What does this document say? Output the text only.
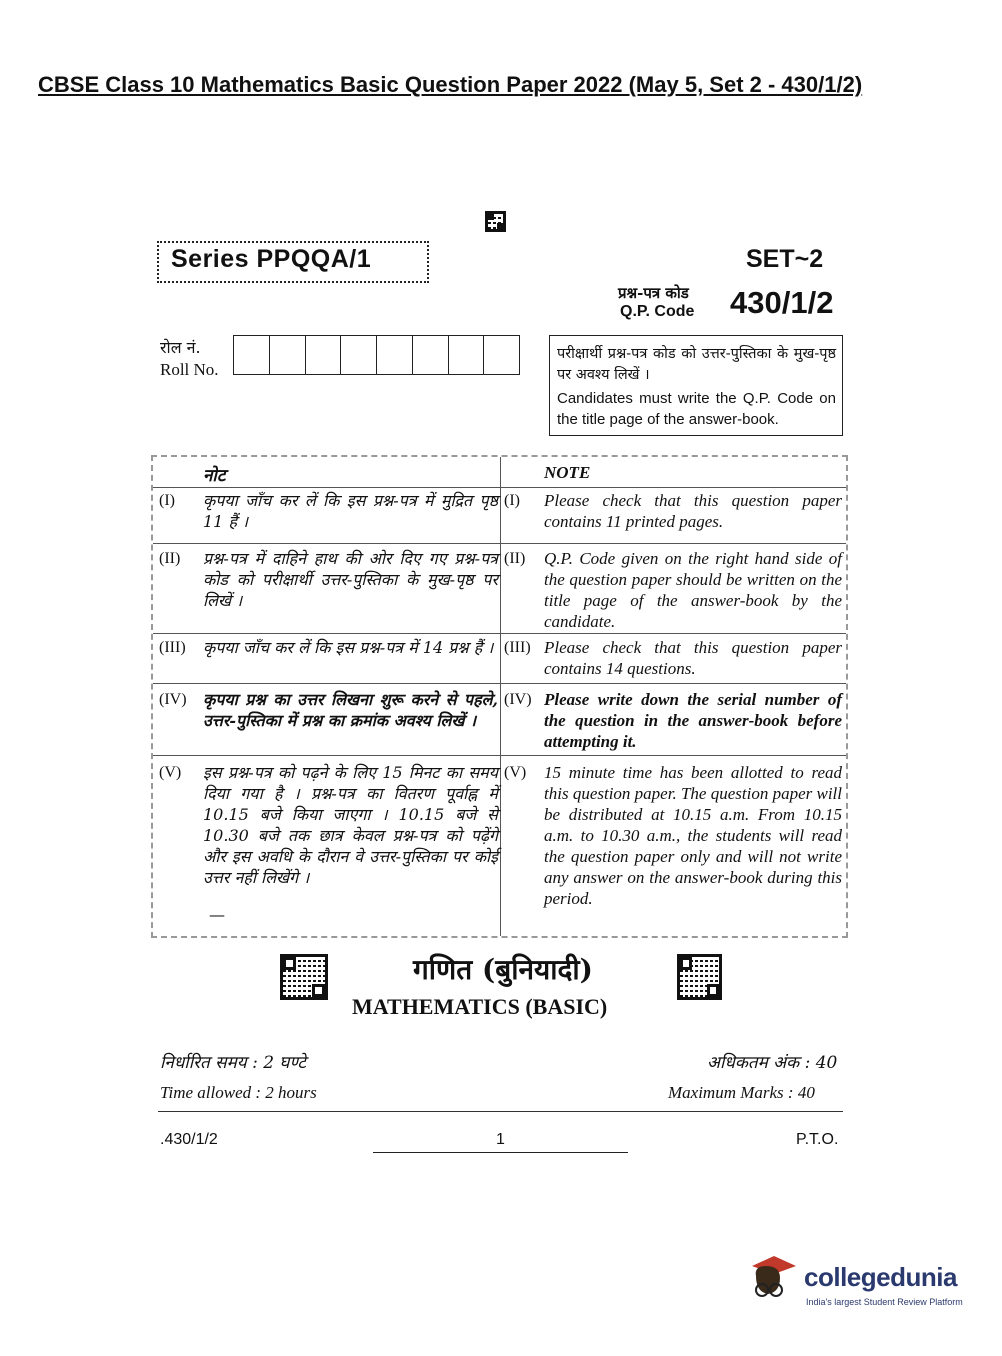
CBSE Class 10 Mathematics Basic Question Paper 2022 (May 5, Set 2 - 430/1/2)
Series PPQQA/1	SET~2
प्रश्न-पत्र कोड
Q.P. Code 430/1/2
रोल नं.
Roll No.
परीक्षार्थी प्रश्न-पत्र कोड को उत्तर-पुस्तिका के मुख-पृष्ठ पर अवश्य लिखें ।
Candidates must write the Q.P. Code on the title page of the answer-book.
नोट	NOTE
(I) कृपया जाँच कर लें कि इस प्रश्न-पत्र में मुद्रित पृष्ठ 11 हैं ।
(I) Please check that this question paper contains 11 printed pages.
(II) प्रश्न-पत्र में दाहिने हाथ की ओर दिए गए प्रश्न-पत्र कोड को परीक्षार्थी उत्तर-पुस्तिका के मुख-पृष्ठ पर लिखें ।
(II) Q.P. Code given on the right hand side of the question paper should be written on the title page of the answer-book by the candidate.
(III) कृपया जाँच कर लें कि इस प्रश्न-पत्र में 14 प्रश्न हैं । (III) Please check that this question paper contains 14 questions.
(IV) कृपया प्रश्न का उत्तर लिखना शुरू करने से पहले, उत्तर-पुस्तिका में प्रश्न का क्रमांक अवश्य लिखें ।
(IV) Please write down the serial number of the question in the answer-book before attempting it.
(V) इस प्रश्न-पत्र को पढ़ने के लिए 15 मिनट का समय दिया गया है । प्रश्न-पत्र का वितरण पूर्वाह्न में 10.15 बजे किया जाएगा । 10.15 बजे से 10.30 बजे तक छात्र केवल प्रश्न-पत्र को पढ़ेंगे और इस अवधि के दौरान वे उत्तर-पुस्तिका पर कोई उत्तर नहीं लिखेंगे ।
(V) 15 minute time has been allotted to read this question paper. The question paper will be distributed at 10.15 a.m. From 10.15 a.m. to 10.30 a.m., the students will read the question paper only and will not write any answer on the answer-book during this period.
—
गणित (बुनियादी)
MATHEMATICS (BASIC)
निर्धारित समय : 2 घण्टे	अधिकतम अंक : 40
Time allowed : 2 hours	Maximum Marks : 40
.430/1/2	1	P.T.O.
collegedunia
India's largest Student Review Platform
